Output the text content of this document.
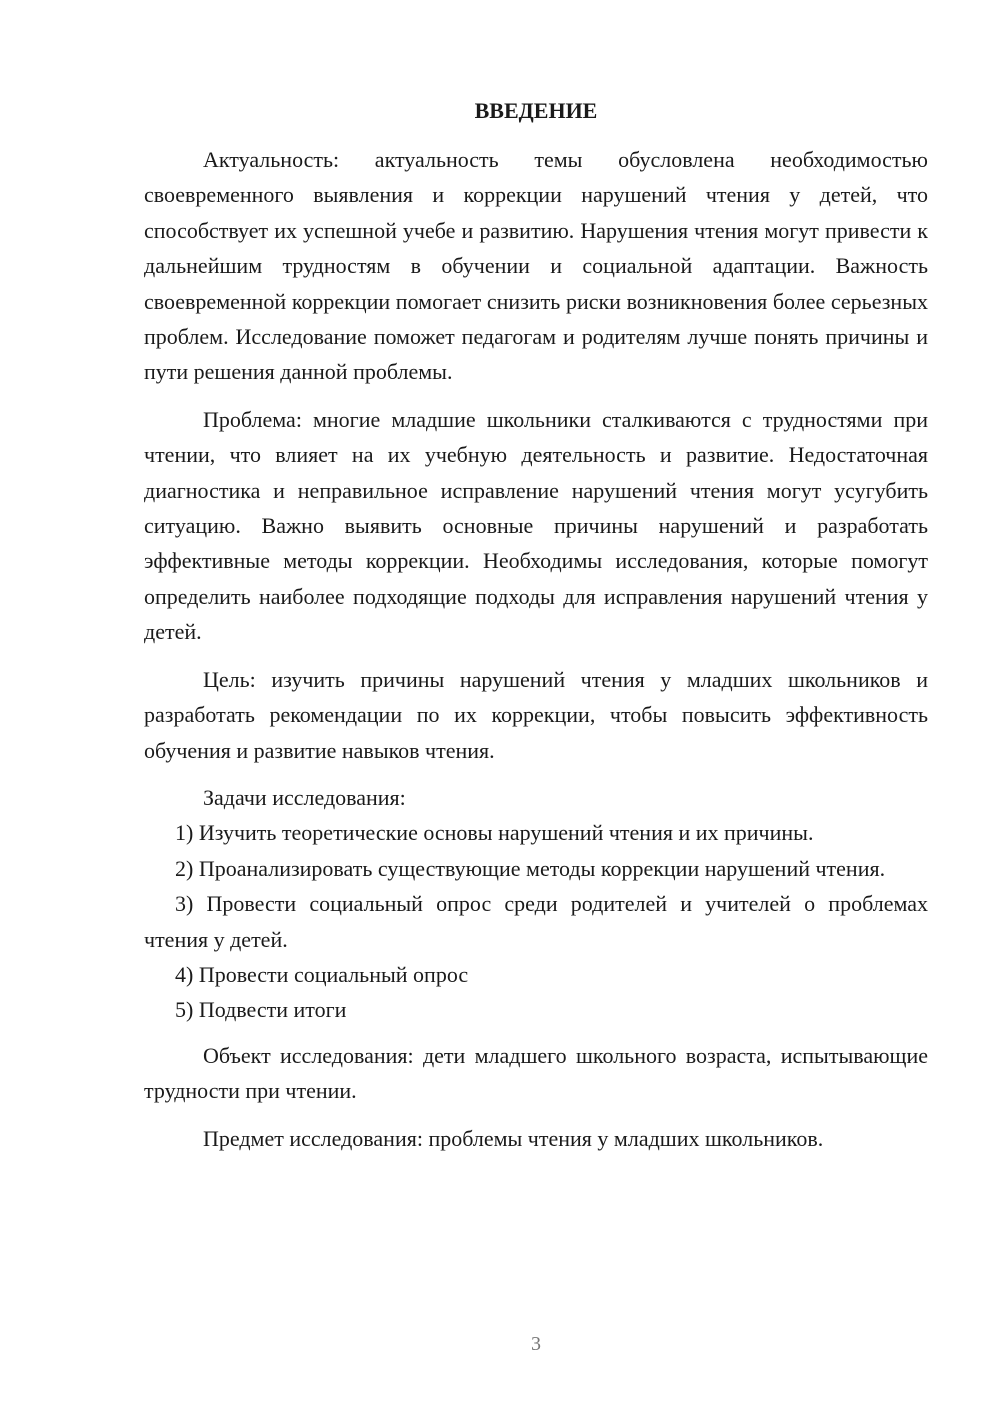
ВВЕДЕНИЕ

Актуальность: актуальность темы обусловлена необходимостью своевременного выявления и коррекции нарушений чтения у детей, что способствует их успешной учебе и развитию. Нарушения чтения могут привести к дальнейшим трудностям в обучении и социальной адаптации. Важность своевременной коррекции помогает снизить риски возникновения более серьезных проблем. Исследование поможет педагогам и родителям лучше понять причины и пути решения данной проблемы.

Проблема: многие младшие школьники сталкиваются с трудностями при чтении, что влияет на их учебную деятельность и развитие. Недостаточная диагностика и неправильное исправление нарушений чтения могут усугубить ситуацию. Важно выявить основные причины нарушений и разработать эффективные методы коррекции. Необходимы исследования, которые помогут определить наиболее подходящие подходы для исправления нарушений чтения у детей.

Цель: изучить причины нарушений чтения у младших школьников и разработать рекомендации по их коррекции, чтобы повысить эффективность обучения и развитие навыков чтения.

Задачи исследования:

1) Изучить теоретические основы нарушений чтения и их причины.

2) Проанализировать существующие методы коррекции нарушений чтения.

3) Провести социальный опрос среди родителей и учителей о проблемах чтения у детей.

4) Провести социальный опрос

5) Подвести итоги

Объект исследования: дети младшего школьного возраста, испытывающие трудности при чтении.

Предмет исследования: проблемы чтения у младших школьников.

3
